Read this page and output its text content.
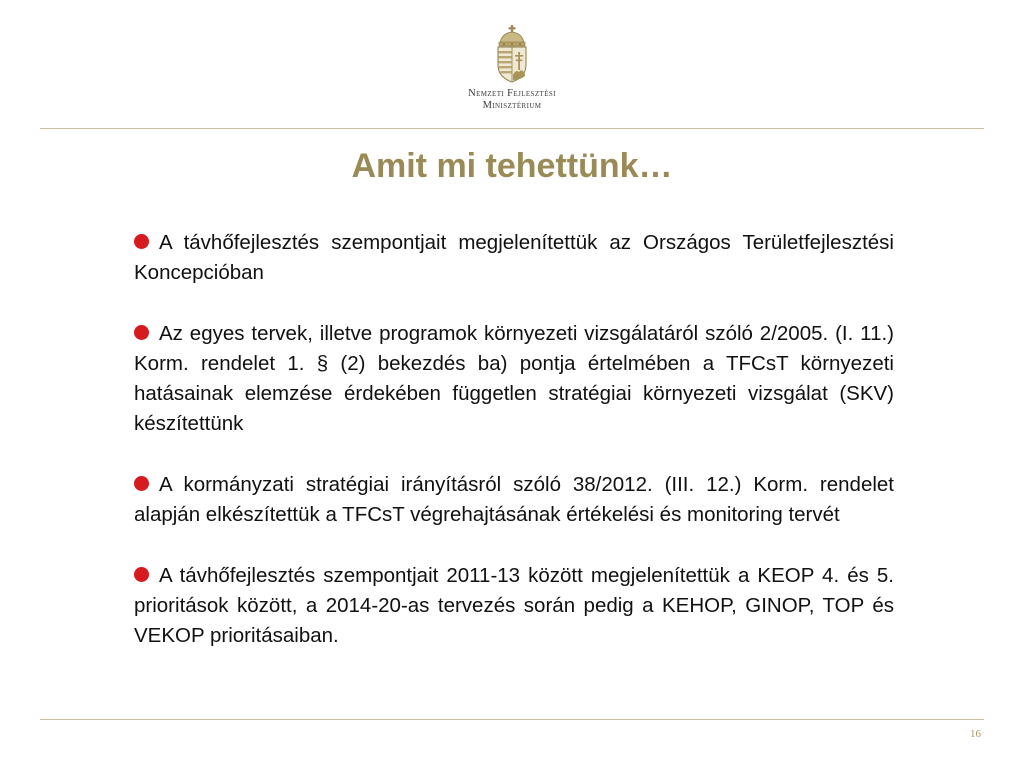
Nemzeti Fejlesztési
Minisztérium
Amit mi tehettünk…
A távhőfejlesztés szempontjait megjelenítettük az Országos Területfejlesztési Koncepcióban
Az egyes tervek, illetve programok környezeti vizsgálatáról szóló 2/2005. (I. 11.) Korm. rendelet 1. § (2) bekezdés ba) pontja értelmében a TFCsT környezeti hatásainak elemzése érdekében független stratégiai környezeti vizsgálat (SKV) készítettünk
A kormányzati stratégiai irányításról szóló 38/2012. (III. 12.) Korm. rendelet alapján elkészítettük a TFCsT végrehajtásának értékelési és monitoring tervét
A távhőfejlesztés szempontjait 2011-13 között megjelenítettük a KEOP 4. és 5. prioritások között, a 2014-20-as tervezés során pedig a KEHOP, GINOP, TOP és VEKOP prioritásaiban.
16
